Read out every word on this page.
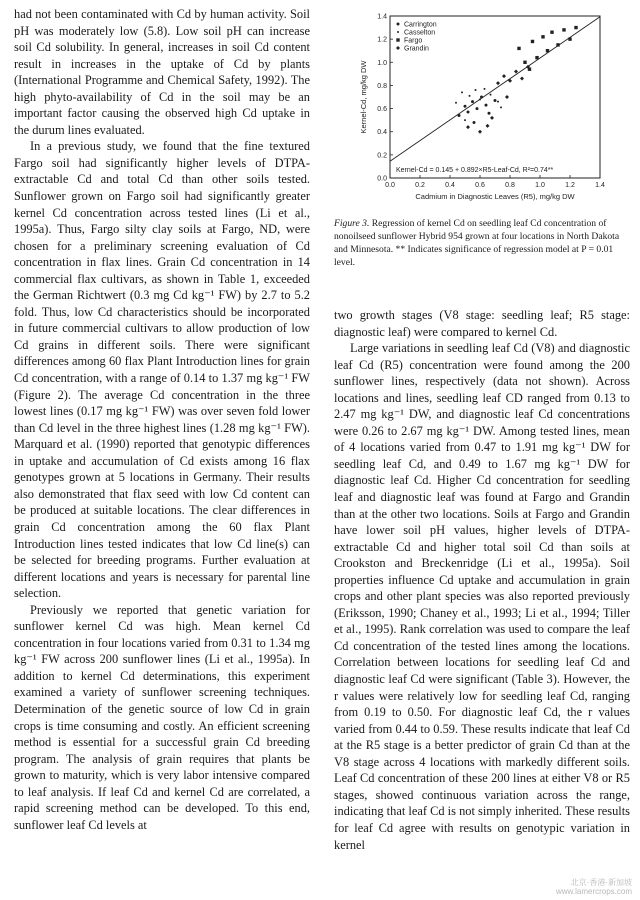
had not been contaminated with Cd by human activity. Soil pH was moderately low (5.8). Low soil pH can increase soil Cd solubility. In general, increases in soil Cd content result in increases in the uptake of Cd by plants (International Programme and Chemical Safety, 1992). The high phyto-availability of Cd in the soil may be an important factor causing the observed high Cd uptake in the durum lines evaluated.

In a previous study, we found that the fine textured Fargo soil had significantly higher levels of DTPA-extractable Cd and total Cd than other soils tested. Sunflower grown on Fargo soil had significantly greater kernel Cd concentration across tested lines (Li et al., 1995a). Thus, Fargo silty clay soils at Fargo, ND, were chosen for a preliminary screening evaluation of Cd concentration in flax lines. Grain Cd concentration in 14 commercial flax cultivars, as shown in Table 1, exceeded the German Richtwert (0.3 mg Cd kg⁻¹ FW) by 2.7 to 5.2 fold. Thus, low Cd characteristics should be incorporated in future commercial cultivars to allow production of low Cd grains in different soils. There were significant differences among 60 flax Plant Introduction lines for grain Cd concentration, with a range of 0.14 to 1.37 mg kg⁻¹ FW (Figure 2). The average Cd concentration in the three lowest lines (0.17 mg kg⁻¹ FW) was over seven fold lower than Cd level in the three highest lines (1.28 mg kg⁻¹ FW). Marquard et al. (1990) reported that genotypic differences in uptake and accumulation of Cd exists among 16 flax genotypes grown at 5 locations in Germany. Their results also demonstrated that flax seed with low Cd content can be produced at suitable locations. The clear differences in grain Cd concentration among the 60 flax Plant Introduction lines tested indicates that low Cd line(s) can be selected for breeding programs. Further evaluation at different locations and years is necessary for parental line selection.

Previously we reported that genetic variation for sunflower kernel Cd was high. Mean kernel Cd concentration in four locations varied from 0.31 to 1.34 mg kg⁻¹ FW across 200 sunflower lines (Li et al., 1995a). In addition to kernel Cd determinations, this experiment examined a variety of sunflower screening techniques. Determination of the genetic source of low Cd in grain crops is time consuming and costly. An efficient screening method is essential for a successful grain Cd breeding program. The analysis of grain requires that plants be grown to maturity, which is very labor intensive compared to leaf analysis. If leaf Cd and kernel Cd are correlated, a rapid screening method can be developed. To this end, sunflower leaf Cd levels at

0.0	0.2	0.4	0.6	0.8	1.0	1.2	1.4
0.0
0.2
0.4
0.6
0.8
1.0
1.2
1.4
Cadmium in Diagnostic Leaves (R5), mg/kg DW
Kernel-Cd, mg/kg DW
Carrington
Casselton
Fargo
Grandin
Kernel-Cd = 0.145 + 0.892×R5-Leaf-Cd, R²=0.74**

Figure 3. Regression of kernel Cd on seedling leaf Cd concentration of nonoilseed sunflower Hybrid 954 grown at four locations in North Dakota and Minnesota. ** Indicates significance of regression model at P = 0.01 level.

two growth stages (V8 stage: seedling leaf; R5 stage: diagnostic leaf) were compared to kernel Cd.

Large variations in seedling leaf Cd (V8) and diagnostic leaf Cd (R5) concentration were found among the 200 sunflower lines, respectively (data not shown). Across locations and lines, seedling leaf CD ranged from 0.13 to 2.47 mg kg⁻¹ DW, and diagnostic leaf Cd concentrations were 0.26 to 2.67 mg kg⁻¹ DW. Among tested lines, mean of 4 locations varied from 0.47 to 1.91 mg kg⁻¹ DW for seedling leaf Cd, and 0.49 to 1.67 mg kg⁻¹ DW for diagnostic leaf Cd. Higher Cd concentration for seedling leaf and diagnostic leaf was found at Fargo and Grandin than at the other two locations. Soils at Fargo and Grandin have lower soil pH values, higher levels of DTPA-extractable Cd and higher total soil Cd than soils at Crookston and Breckenridge (Li et al., 1995a). Soil properties influence Cd uptake and accumulation in grain crops and other plant species was also reported previously (Eriksson, 1990; Chaney et al., 1993; Li et al., 1994; Tiller et al., 1995). Rank correlation was used to compare the leaf Cd concentration of the tested lines among the locations. Correlation between locations for seedling leaf Cd and diagnostic leaf Cd were significant (Table 3). However, the r values were relatively low for seedling leaf Cd, ranging from 0.19 to 0.50. For diagnostic leaf Cd, the r values varied from 0.44 to 0.59. These results indicate that leaf Cd at the R5 stage is a better predictor of grain Cd than at the V8 stage across 4 locations with markedly different soils. Leaf Cd concentration of these 200 lines at either V8 or R5 stages, showed continuous variation across the range, indicating that leaf Cd is not simply inherited. These results for leaf Cd agree with results on genotypic variation in kernel

北京·香港·新加坡
www.lamercrops.com
